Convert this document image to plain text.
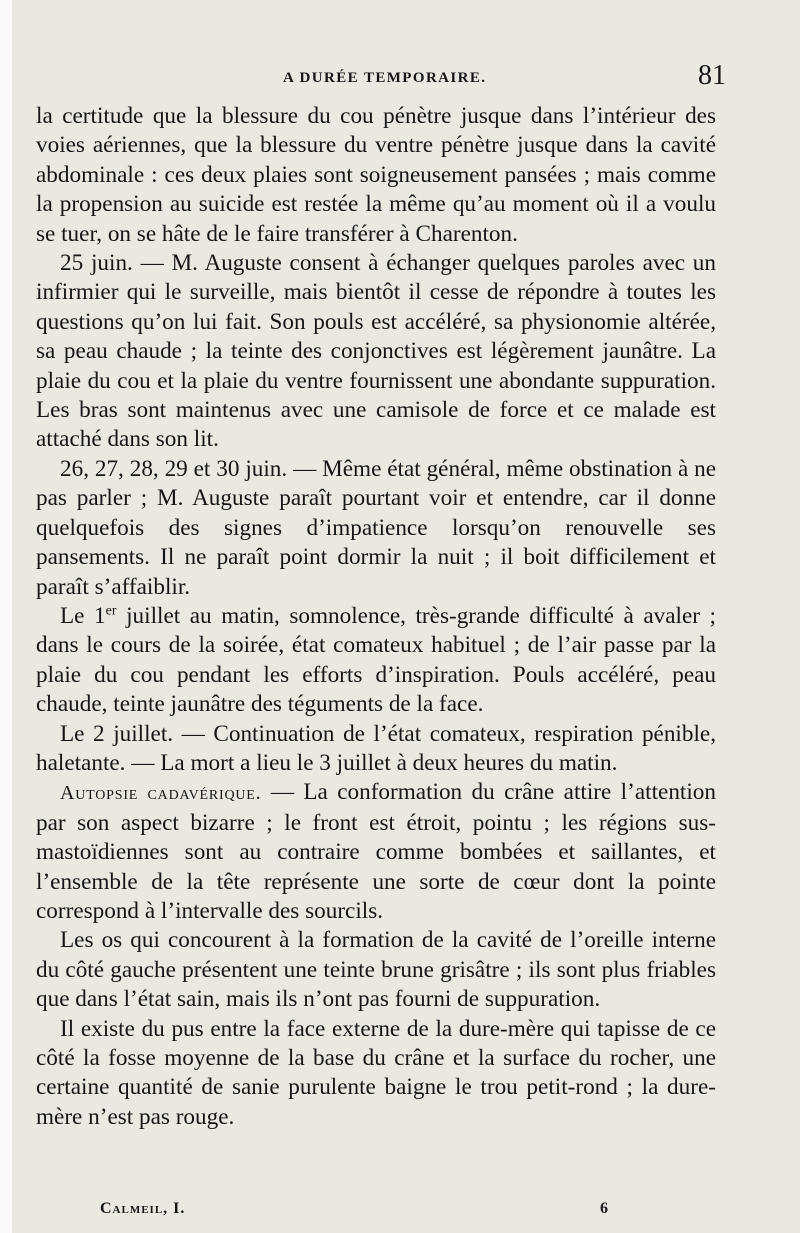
A DURÉE TEMPORAIRE.	81

la certitude que la blessure du cou pénètre jusque dans l’intérieur des voies aériennes, que la blessure du ventre pénètre jusque dans la cavité abdominale : ces deux plaies sont soigneusement pansées ; mais comme la propension au suicide est restée la même qu’au moment où il a voulu se tuer, on se hâte de le faire transférer à Charenton.

25 juin. — M. Auguste consent à échanger quelques paroles avec un infirmier qui le surveille, mais bientôt il cesse de répondre à toutes les questions qu’on lui fait. Son pouls est accéléré, sa physionomie altérée, sa peau chaude ; la teinte des conjonctives est légèrement jaunâtre. La plaie du cou et la plaie du ventre fournissent une abondante suppuration. Les bras sont maintenus avec une camisole de force et ce malade est attaché dans son lit.

26, 27, 28, 29 et 30 juin. — Même état général, même obstination à ne pas parler ; M. Auguste paraît pourtant voir et entendre, car il donne quelquefois des signes d’impatience lorsqu’on renouvelle ses pansements. Il ne paraît point dormir la nuit ; il boit difficilement et paraît s’affaiblir.

Le 1er juillet au matin, somnolence, très-grande difficulté à avaler ; dans le cours de la soirée, état comateux habituel ; de l’air passe par la plaie du cou pendant les efforts d’inspiration. Pouls accéléré, peau chaude, teinte jaunâtre des téguments de la face.

Le 2 juillet. — Continuation de l’état comateux, respiration pénible, haletante. — La mort a lieu le 3 juillet à deux heures du matin.

Autopsie cadavérique. — La conformation du crâne attire l’attention par son aspect bizarre ; le front est étroit, pointu ; les régions sus-mastoïdiennes sont au contraire comme bombées et saillantes, et l’ensemble de la tête représente une sorte de cœur dont la pointe correspond à l’intervalle des sourcils.

Les os qui concourent à la formation de la cavité de l’oreille interne du côté gauche présentent une teinte brune grisâtre ; ils sont plus friables que dans l’état sain, mais ils n’ont pas fourni de suppuration.

Il existe du pus entre la face externe de la dure-mère qui tapisse de ce côté la fosse moyenne de la base du crâne et la surface du rocher, une certaine quantité de sanie purulente baigne le trou petit-rond ; la dure-mère n’est pas rouge.

Calmeil, I.	6
